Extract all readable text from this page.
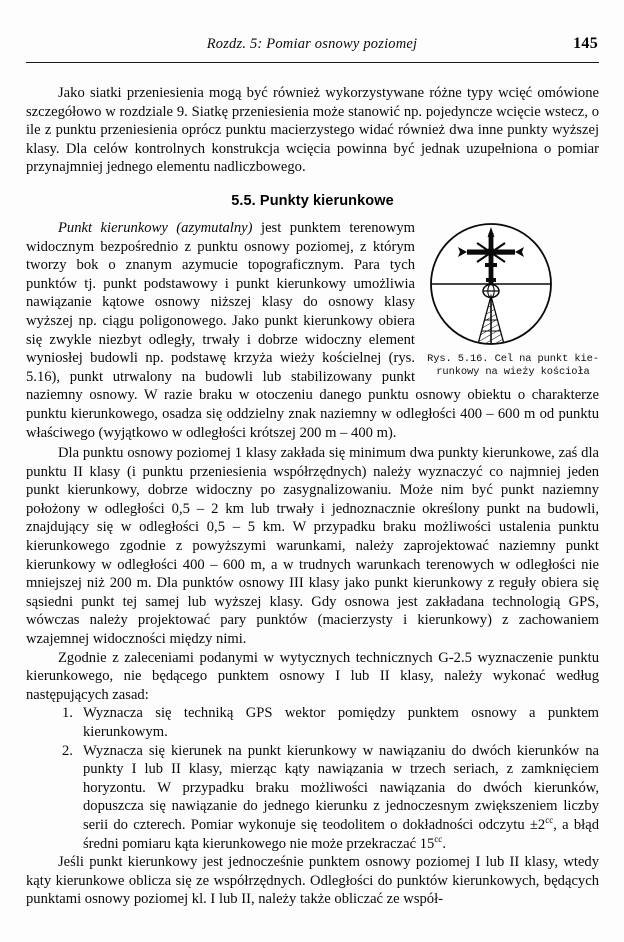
Rozdz. 5: Pomiar osnowy poziomej	145

Jako siatki przeniesienia mogą być również wykorzystywane różne typy wcięć omówione szczegółowo w rozdziale 9. Siatkę przeniesienia może stanowić np. pojedyncze wcięcie wstecz, o ile z punktu przeniesienia oprócz punktu macierzystego widać również dwa inne punkty wyższej klasy. Dla celów kontrolnych konstrukcja wcięcia powinna być jednak uzupełniona o pomiar przynajmniej jednego elementu nadliczbowego.

5.5. Punkty kierunkowe
Rys. 5.16. Cel na punkt kie-
runkowy na wieży kościoła
Punkt kierunkowy (azymutalny) jest punktem terenowym widocznym bezpośrednio z punktu osnowy poziomej, z którym tworzy bok o znanym azymucie topograficznym. Para tych punktów tj. punkt podstawowy i punkt kierunkowy umożliwia nawiązanie kątowe osnowy niższej klasy do osnowy klasy wyższej np. ciągu poligonowego. Jako punkt kierunkowy obiera się zwykle niezbyt odległy, trwały i dobrze widoczny element wyniosłej budowli np. podstawę krzyża wieży kościelnej (rys. 5.16), punkt utrwalony na budowli lub stabilizowany punkt naziemny osnowy. W razie braku w otoczeniu danego punktu osnowy obiektu o charakterze punktu kierunkowego, osadza się oddzielny znak naziemny w odległości 400 – 600 m od punktu właściwego (wyjątkowo w odległości krótszej 200 m – 400 m).

Dla punktu osnowy poziomej 1 klasy zakłada się minimum dwa punkty kierunkowe, zaś dla punktu II klasy (i punktu przeniesienia współrzędnych) należy wyznaczyć co najmniej jeden punkt kierunkowy, dobrze widoczny po zasygnalizowaniu. Może nim być punkt naziemny położony w odległości 0,5 – 2 km lub trwały i jednoznacznie określony punkt na budowli, znajdujący się w odległości 0,5 – 5 km. W przypadku braku możliwości ustalenia punktu kierunkowego zgodnie z powyższymi warunkami, należy zaprojektować naziemny punkt kierunkowy w odległości 400 – 600 m, a w trudnych warunkach terenowych w odległości nie mniejszej niż 200 m. Dla punktów osnowy III klasy jako punkt kierunkowy z reguły obiera się sąsiedni punkt tej samej lub wyższej klasy. Gdy osnowa jest zakładana technologią GPS, wówczas należy projektować pary punktów (macierzysty i kierunkowy) z zachowaniem wzajemnej widoczności między nimi.

Zgodnie z zaleceniami podanymi w wytycznych technicznych G-2.5 wyznaczenie punktu kierunkowego, nie będącego punktem osnowy I lub II klasy, należy wykonać według następujących zasad:

1. Wyznacza się techniką GPS wektor pomiędzy punktem osnowy a punktem kierunkowym.
2. Wyznacza się kierunek na punkt kierunkowy w nawiązaniu do dwóch kierunków na punkty I lub II klasy, mierząc kąty nawiązania w trzech seriach, z zamknięciem horyzontu. W przypadku braku możliwości nawiązania do dwóch kierunków, dopuszcza się nawiązanie do jednego kierunku z jednoczesnym zwiększeniem liczby serii do czterech. Pomiar wykonuje się teodolitem o dokładności odczytu $\pm 2^{cc}$, a błąd średni pomiaru kąta kierunkowego nie może przekraczać $15^{cc}$.

Jeśli punkt kierunkowy jest jednocześnie punktem osnowy poziomej I lub II klasy, wtedy kąty kierunkowe oblicza się ze współrzędnych. Odległości do punktów kierunkowych, będących punktami osnowy poziomej kl. I lub II, należy także obliczać ze współ-
